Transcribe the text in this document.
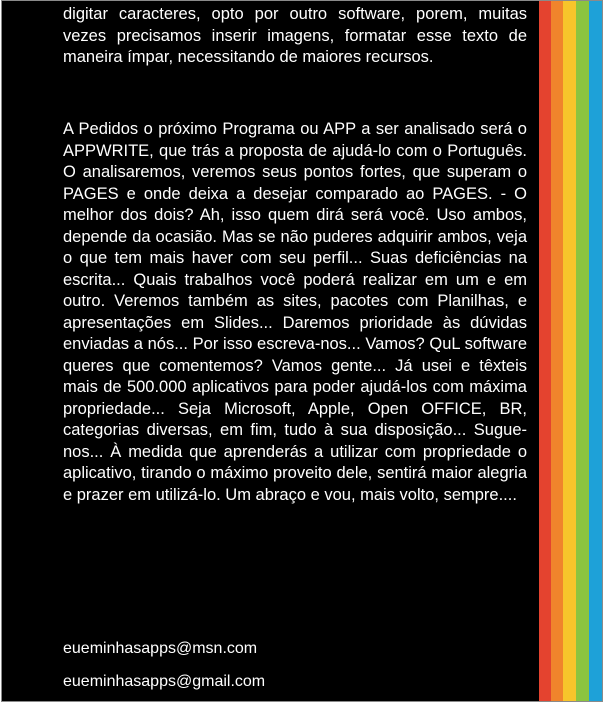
digitar caracteres, opto por outro software, porem, muitas vezes precisamos inserir imagens, formatar esse texto de maneira ímpar, necessitando de maiores recursos.

A Pedidos o próximo Programa ou APP a ser analisado será o APPWRITE, que trás a proposta de ajudá-lo com o Português. O analisaremos, veremos seus pontos fortes, que superam o PAGES e onde deixa a desejar comparado ao PAGES. - O melhor dos dois? Ah, isso quem dirá será você. Uso ambos, depende da ocasião. Mas se não puderes adquirir ambos, veja o que tem mais haver com seu perfil... Suas deficiências na escrita... Quais trabalhos você poderá realizar em um e em outro. Veremos também as sites, pacotes com Planilhas, e apresentações em Slides... Daremos prioridade às dúvidas enviadas a nós... Por isso escreva-nos... Vamos? QuL software queres que comentemos? Vamos gente... Já usei e têxteis mais de 500.000 aplicativos para poder ajudá-los com máxima propriedade... Seja Microsoft, Apple, Open OFFICE, BR, categorias diversas, em fim, tudo à sua disposição... Sugue-nos... À medida que aprenderás a utilizar com propriedade o aplicativo, tirando o máximo proveito dele, sentirá maior alegria e prazer em utilizá-lo. Um abraço e vou, mais volto, sempre....

eueminhasapps@msn.com
eueminhasapps@gmail.com
